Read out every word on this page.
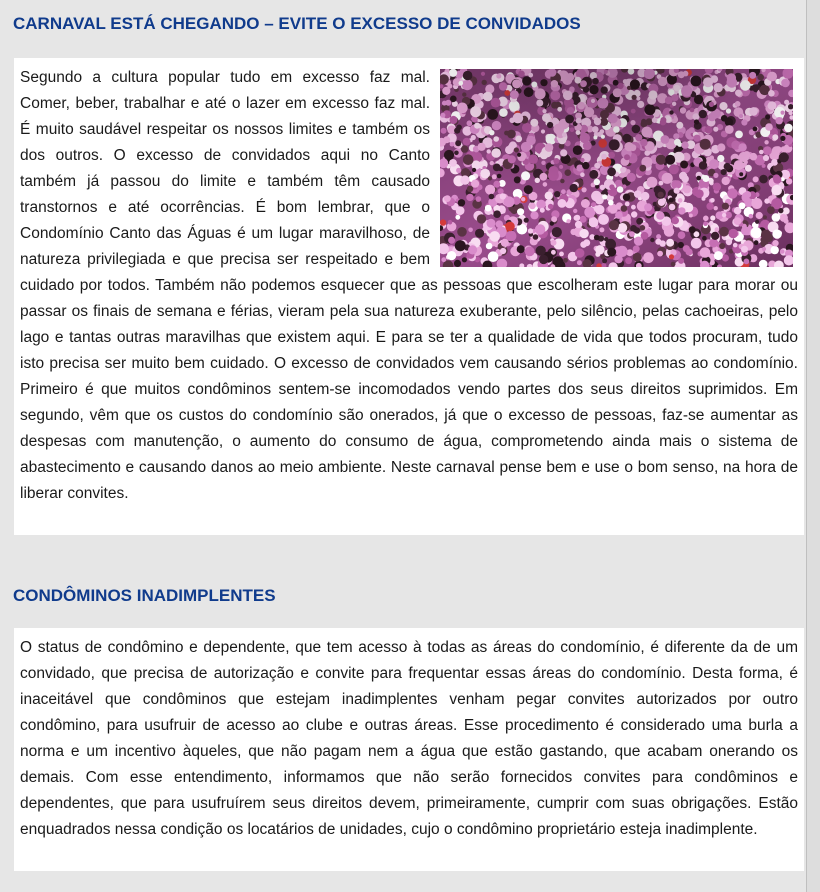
CARNAVAL ESTÁ CHEGANDO – EVITE O EXCESSO DE CONVIDADOS

Segundo a cultura popular tudo em excesso faz mal. Comer, beber, trabalhar e até o lazer em excesso faz mal. É muito saudável respeitar os nossos limites e também os dos outros. O excesso de convidados aqui no Canto também já passou do limite e também têm causado transtornos e até ocorrências. É bom lembrar, que o Condomínio Canto das Águas é um lugar maravilhoso, de natureza privilegiada e que precisa ser respeitado e bem cuidado por todos. Também não podemos esquecer que as pessoas que escolheram este lugar para morar ou passar os finais de semana e férias, vieram pela sua natureza exuberante, pelo silêncio, pelas cachoeiras, pelo lago e tantas outras maravilhas que existem aqui. E para se ter a qualidade de vida que todos procuram, tudo isto precisa ser muito bem cuidado. O excesso de convidados vem causando sérios problemas ao condomínio. Primeiro é que muitos condôminos sentem-se incomodados vendo partes dos seus direitos suprimidos. Em segundo, vêm que os custos do condomínio são onerados, já que o excesso de pessoas, faz-se aumentar as despesas com manutenção, o aumento do consumo de água, comprometendo ainda mais o sistema de abastecimento e causando danos ao meio ambiente. Neste carnaval pense bem e use o bom senso, na hora de liberar convites.

CONDÔMINOS INADIMPLENTES

O status de condômino e dependente, que tem acesso à todas as áreas do condomínio, é diferente da de um convidado, que precisa de autorização e convite para frequentar essas áreas do condomínio. Desta forma, é inaceitável que condôminos que estejam inadimplentes venham pegar convites autorizados por outro condômino, para usufruir de acesso ao clube e outras áreas. Esse procedimento é considerado uma burla a norma e um incentivo àqueles, que não pagam nem a água que estão gastando, que acabam onerando os demais. Com esse entendimento, informamos que não serão fornecidos convites para condôminos e dependentes, que para usufruírem seus direitos devem, primeiramente, cumprir com suas obrigações. Estão enquadrados nessa condição os locatários de unidades, cujo o condômino proprietário esteja inadimplente.
